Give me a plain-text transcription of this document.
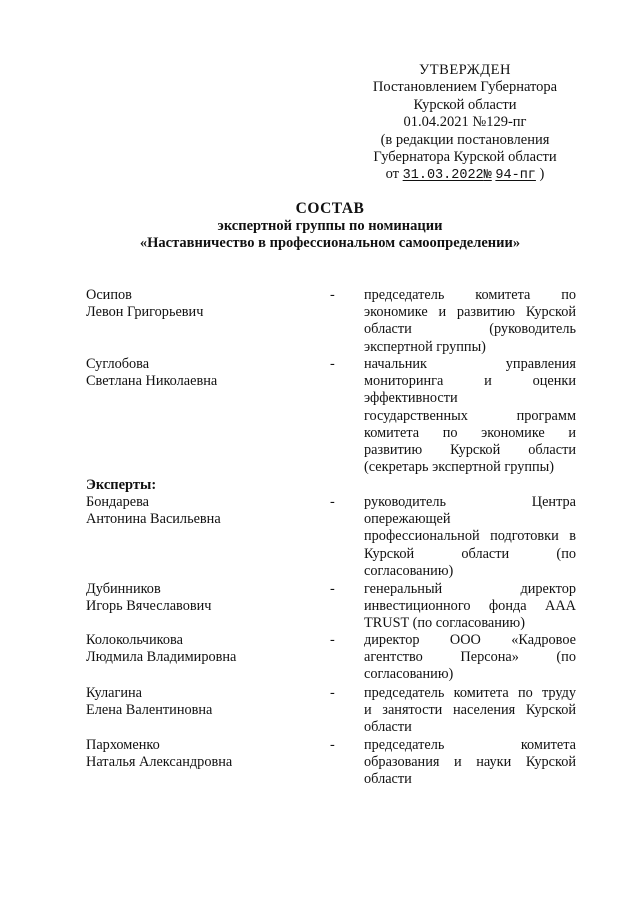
УТВЕРЖДЕН
Постановлением Губернатора
Курской области
01.04.2021 №129-пг
(в редакции постановления
Губернатора Курской области
от 31.03.2022№ 94-пг )
СОСТАВ
экспертной группы по номинации
«Наставничество в профессиональном самоопределении»
Осипов
Левон Григорьевич
- председатель комитета по
экономике и развитию Курской
области (руководитель
экспертной группы)
Суглобова
Светлана Николаевна
- начальник управления
мониторинга и оценки
эффективности
государственных программ
комитета по экономике и
развитию Курской области
(секретарь экспертной группы)
Эксперты:
Бондарева
Антонина Васильевна
- руководитель Центра
опережающей
профессиональной подготовки в
Курской области (по
согласованию)
Дубинников
Игорь Вячеславович
- генеральный директор
инвестиционного фонда ААА
TRUST (по согласованию)
Колокольчикова
Людмила Владимировна
- директор ООО «Кадровое
агентство Персона» (по
согласованию)
Кулагина
Елена Валентиновна
- председатель комитета по труду
и занятости населения Курской
области
Пархоменко
Наталья Александровна
- председатель комитета
образования и науки Курской
области
